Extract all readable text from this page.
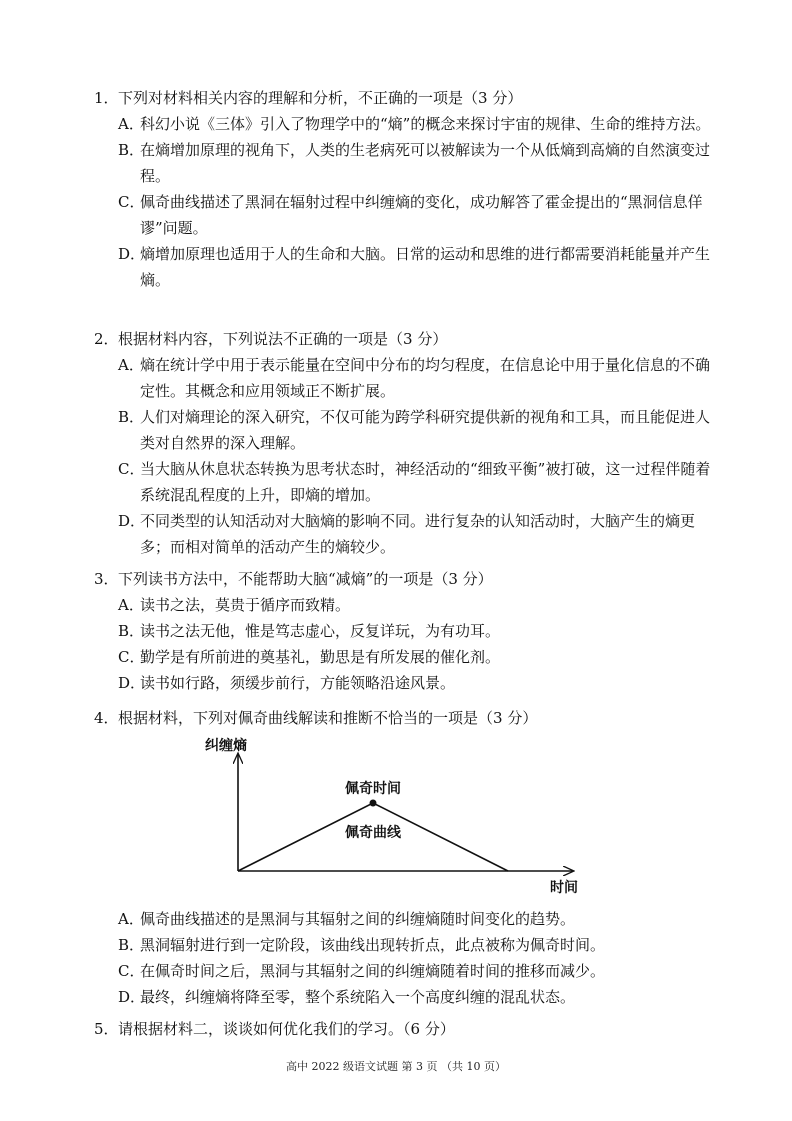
1． 下列对材料相关内容的理解和分析，不正确的一项是（3 分）
A．
科幻小说《三体》引入了物理学中的“熵”的概念来探讨宇宙的规律、生命的维持方法。
B．
在熵增加原理的视角下，人类的生老病死可以被解读为一个从低熵到高熵的自然演变过程。
C．
佩奇曲线描述了黑洞在辐射过程中纠缠熵的变化，成功解答了霍金提出的“黑洞信息佯谬”问题。
D．
熵增加原理也适用于人的生命和大脑。日常的运动和思维的进行都需要消耗能量并产生熵。
2． 根据材料内容，下列说法不正确的一项是（3 分）
A．
熵在统计学中用于表示能量在空间中分布的均匀程度，在信息论中用于量化信息的不确定性。其概念和应用领域正不断扩展。
B．
人们对熵理论的深入研究，不仅可能为跨学科研究提供新的视角和工具，而且能促进人类对自然界的深入理解。
C．
当大脑从休息状态转换为思考状态时，神经活动的“细致平衡”被打破，这一过程伴随着系统混乱程度的上升，即熵的增加。
D．
不同类型的认知活动对大脑熵的影响不同。进行复杂的认知活动时，大脑产生的熵更多；而相对简单的活动产生的熵较少。
3． 下列读书方法中，不能帮助大脑“减熵”的一项是（3 分）
A．
读书之法，莫贵于循序而致精。
B．
读书之法无他，惟是笃志虚心，反复详玩，为有功耳。
C．
勤学是有所前进的奠基礼，勤思是有所发展的催化剂。
D．
读书如行路，须缓步前行，方能领略沿途风景。
4． 根据材料，下列对佩奇曲线解读和推断不恰当的一项是（3 分）
纠缠熵
时间
佩奇时间
佩奇曲线
A．
佩奇曲线描述的是黑洞与其辐射之间的纠缠熵随时间变化的趋势。
B．
黑洞辐射进行到一定阶段，该曲线出现转折点，此点被称为佩奇时间。
C．
在佩奇时间之后，黑洞与其辐射之间的纠缠熵随着时间的推移而减少。
D．
最终，纠缠熵将降至零，整个系统陷入一个高度纠缠的混乱状态。
5． 请根据材料二，谈谈如何优化我们的学习。（6 分）
高中 2022 级语文试题 第 3 页 （共 10 页）
